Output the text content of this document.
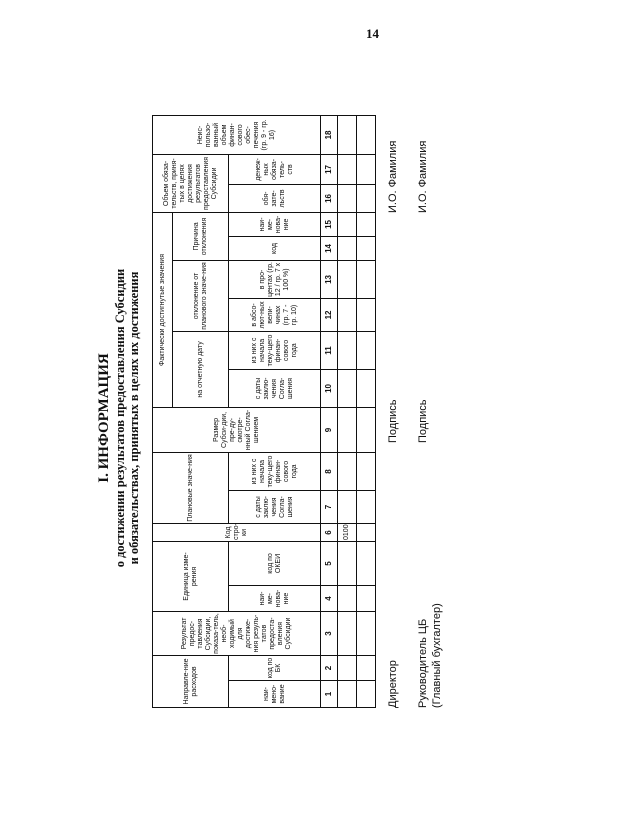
14
I. ИНФОРМАЦИЯ о достижении результатов предоставления Субсидии и обязательствах, принятых в целях их достижения
Направле-ние расходов		Результат предос-тавления Субсидии, показа-тель, необ-ходимый для достиже-ния резуль-татов предоста-вления Субсидии	Единица изме-рения		Код стро-ки	Плановые значе-ния		Размер Субси-дии, пре-ду-смотре-нный Согла-шением	Фактически достигнутые значения						Объем обяза-тельств, приня-тых в целях достижения результатов предоставления Субсидии		Неис-пользо-ванный объем финан-сового обес-печения (гр. 9 - гр. 16)
									на отчетную дату		отклонение от планового значе-ния		Причина отклонения				
наи-мено-вание	код по БК		наи-ме-нова-ние	код по ОКЕИ		с даты заклю-чения Согла-шения	из них с начала теку-щего финан-сового года		с даты заклю-чения Согла-шения	из них с начала теку-щего финан-сового года	в абсо-лют-ных вели-чинах (гр. 7 - гр. 10)	в про-центах (гр. 12 / гр. 7 x 100 %)	код	наи-ме-нова-ние	обя-зате-льств	денеж-ных обяза-тель-ств	
1	2	3	4	5	6	7	8	9	10	11	12	13	14	15	16	17	18
					0100												

Директор
Подпись
И.О. Фамилия
Руководитель ЦБ (Главный бухгалтер)
Подпись
И.О. Фамилия
